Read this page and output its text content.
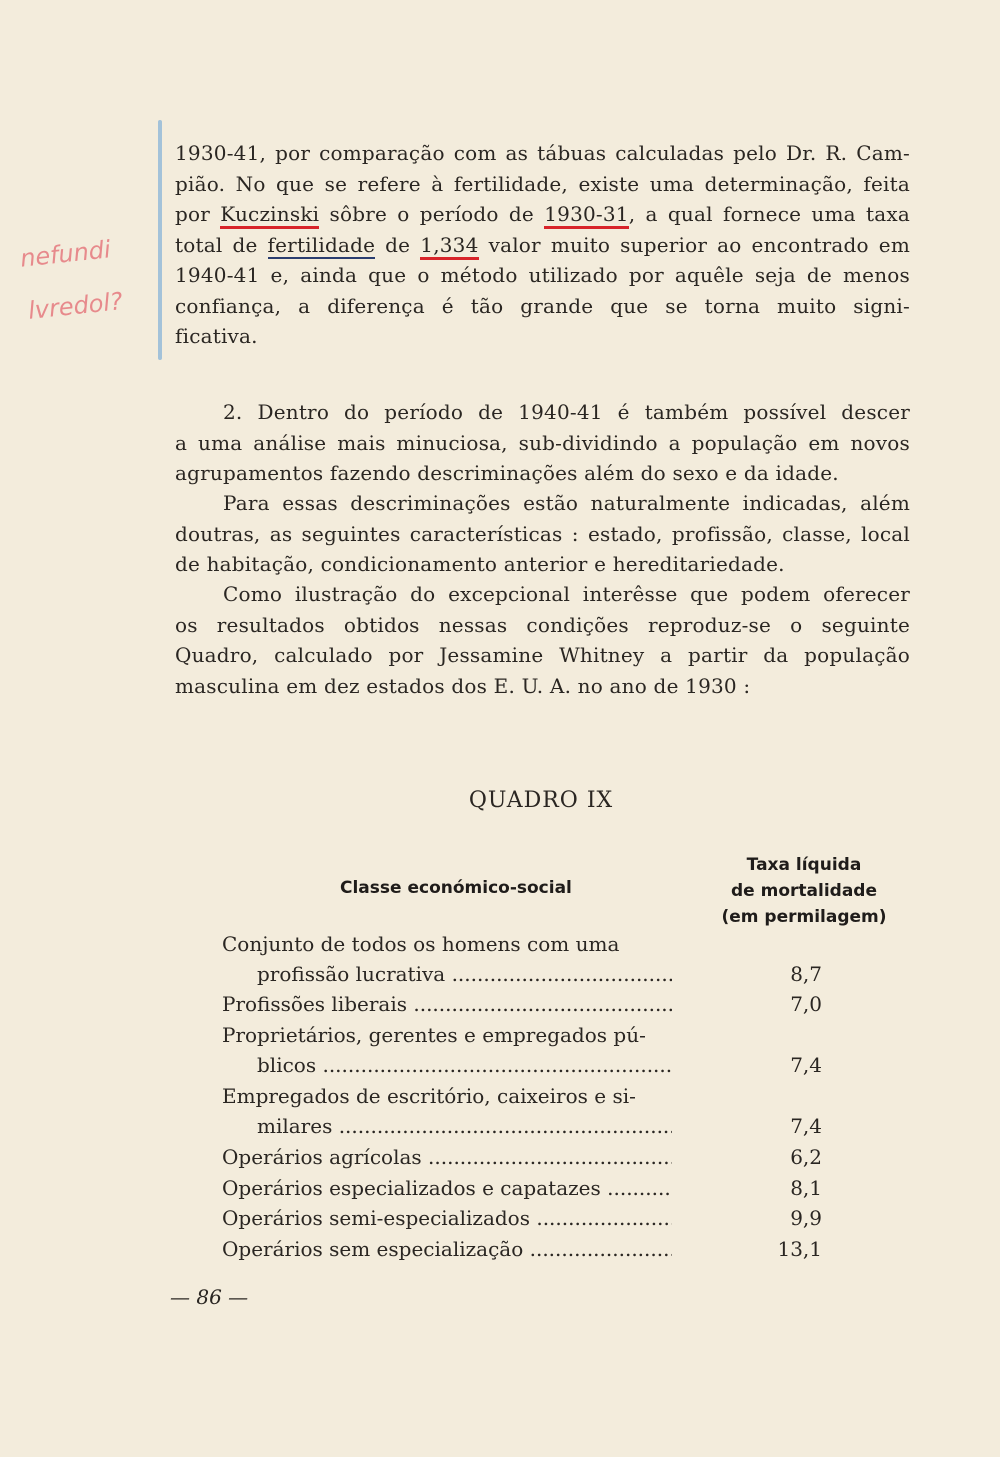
nefundi
lvredol?
1930-41, por comparação com as tábuas calculadas pelo Dr. R. Cam-
pião. No que se refere à fertilidade, existe uma determinação, feita
por Kuczinski sôbre o período de 1930-31, a qual fornece uma taxa
total de fertilidade de 1,334 valor muito superior ao encontrado em
1940-41 e, ainda que o método utilizado por aquêle seja de menos
confiança, a diferença é tão grande que se torna muito signi-
ficativa.
2. Dentro do período de 1940-41 é também possível descer
a uma análise mais minuciosa, sub-dividindo a população em novos
agrupamentos fazendo descriminações além do sexo e da idade.
Para essas descriminações estão naturalmente indicadas, além
doutras, as seguintes características : estado, profissão, classe, local
de habitação, condicionamento anterior e hereditariedade.
Como ilustração do excepcional interêsse que podem oferecer
os resultados obtidos nessas condições reproduz-se o seguinte
Quadro, calculado por Jessamine Whitney a partir da população
masculina em dez estados dos E. U. A. no ano de 1930 :
QUADRO IX
Classe económico-social
Taxa líquida
de mortalidade
(em permilagem)
Conjunto de todos os homens com uma
profissão lucrativa .....	8,7
Profissões liberais .....	7,0
Proprietários, gerentes e empregados pú-
blicos .....	7,4
Empregados de escritório, caixeiros e si-
milares .....	7,4
Operários agrícolas .....	6,2
Operários especializados e capatazes .....	8,1
Operários semi-especializados .....	9,9
Operários sem especialização .....	13,1
— 86 —
